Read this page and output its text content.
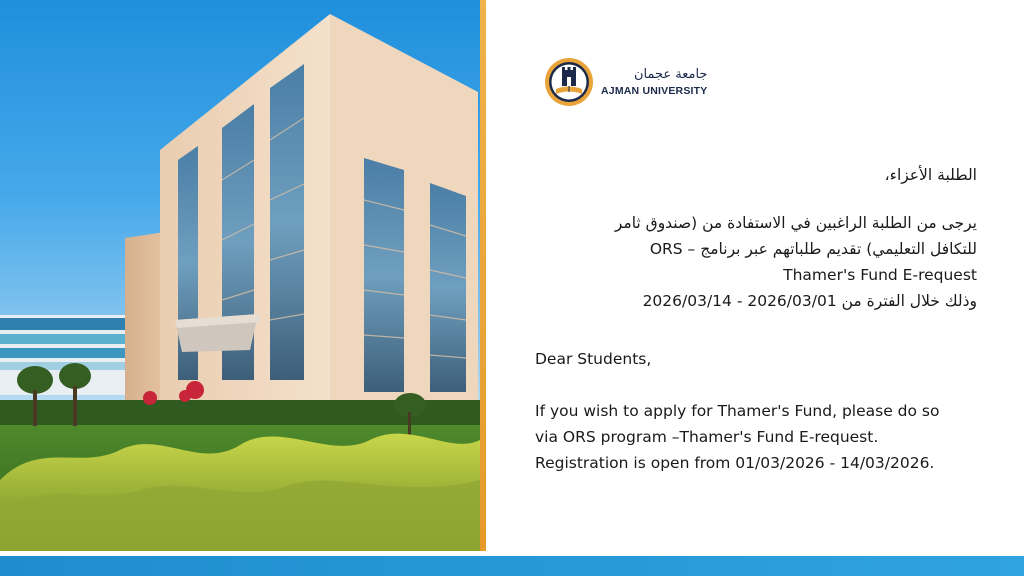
جامعة عجمان
AJMAN UNIVERSITY
الطلبة الأعزاء،
يرجى من الطلبة الراغبين في الاستفادة من (صندوق ثامر
للتكافل التعليمي) تقديم طلباتهم عبر برنامج – ORS
Thamer's Fund E-request
وذلك خلال الفترة من 2026/03/14 - 2026/03/01
Dear Students,
If you wish to apply for Thamer's Fund, please do so
via ORS program –Thamer's Fund E-request.
Registration is open from 01/03/2026 - 14/03/2026.
